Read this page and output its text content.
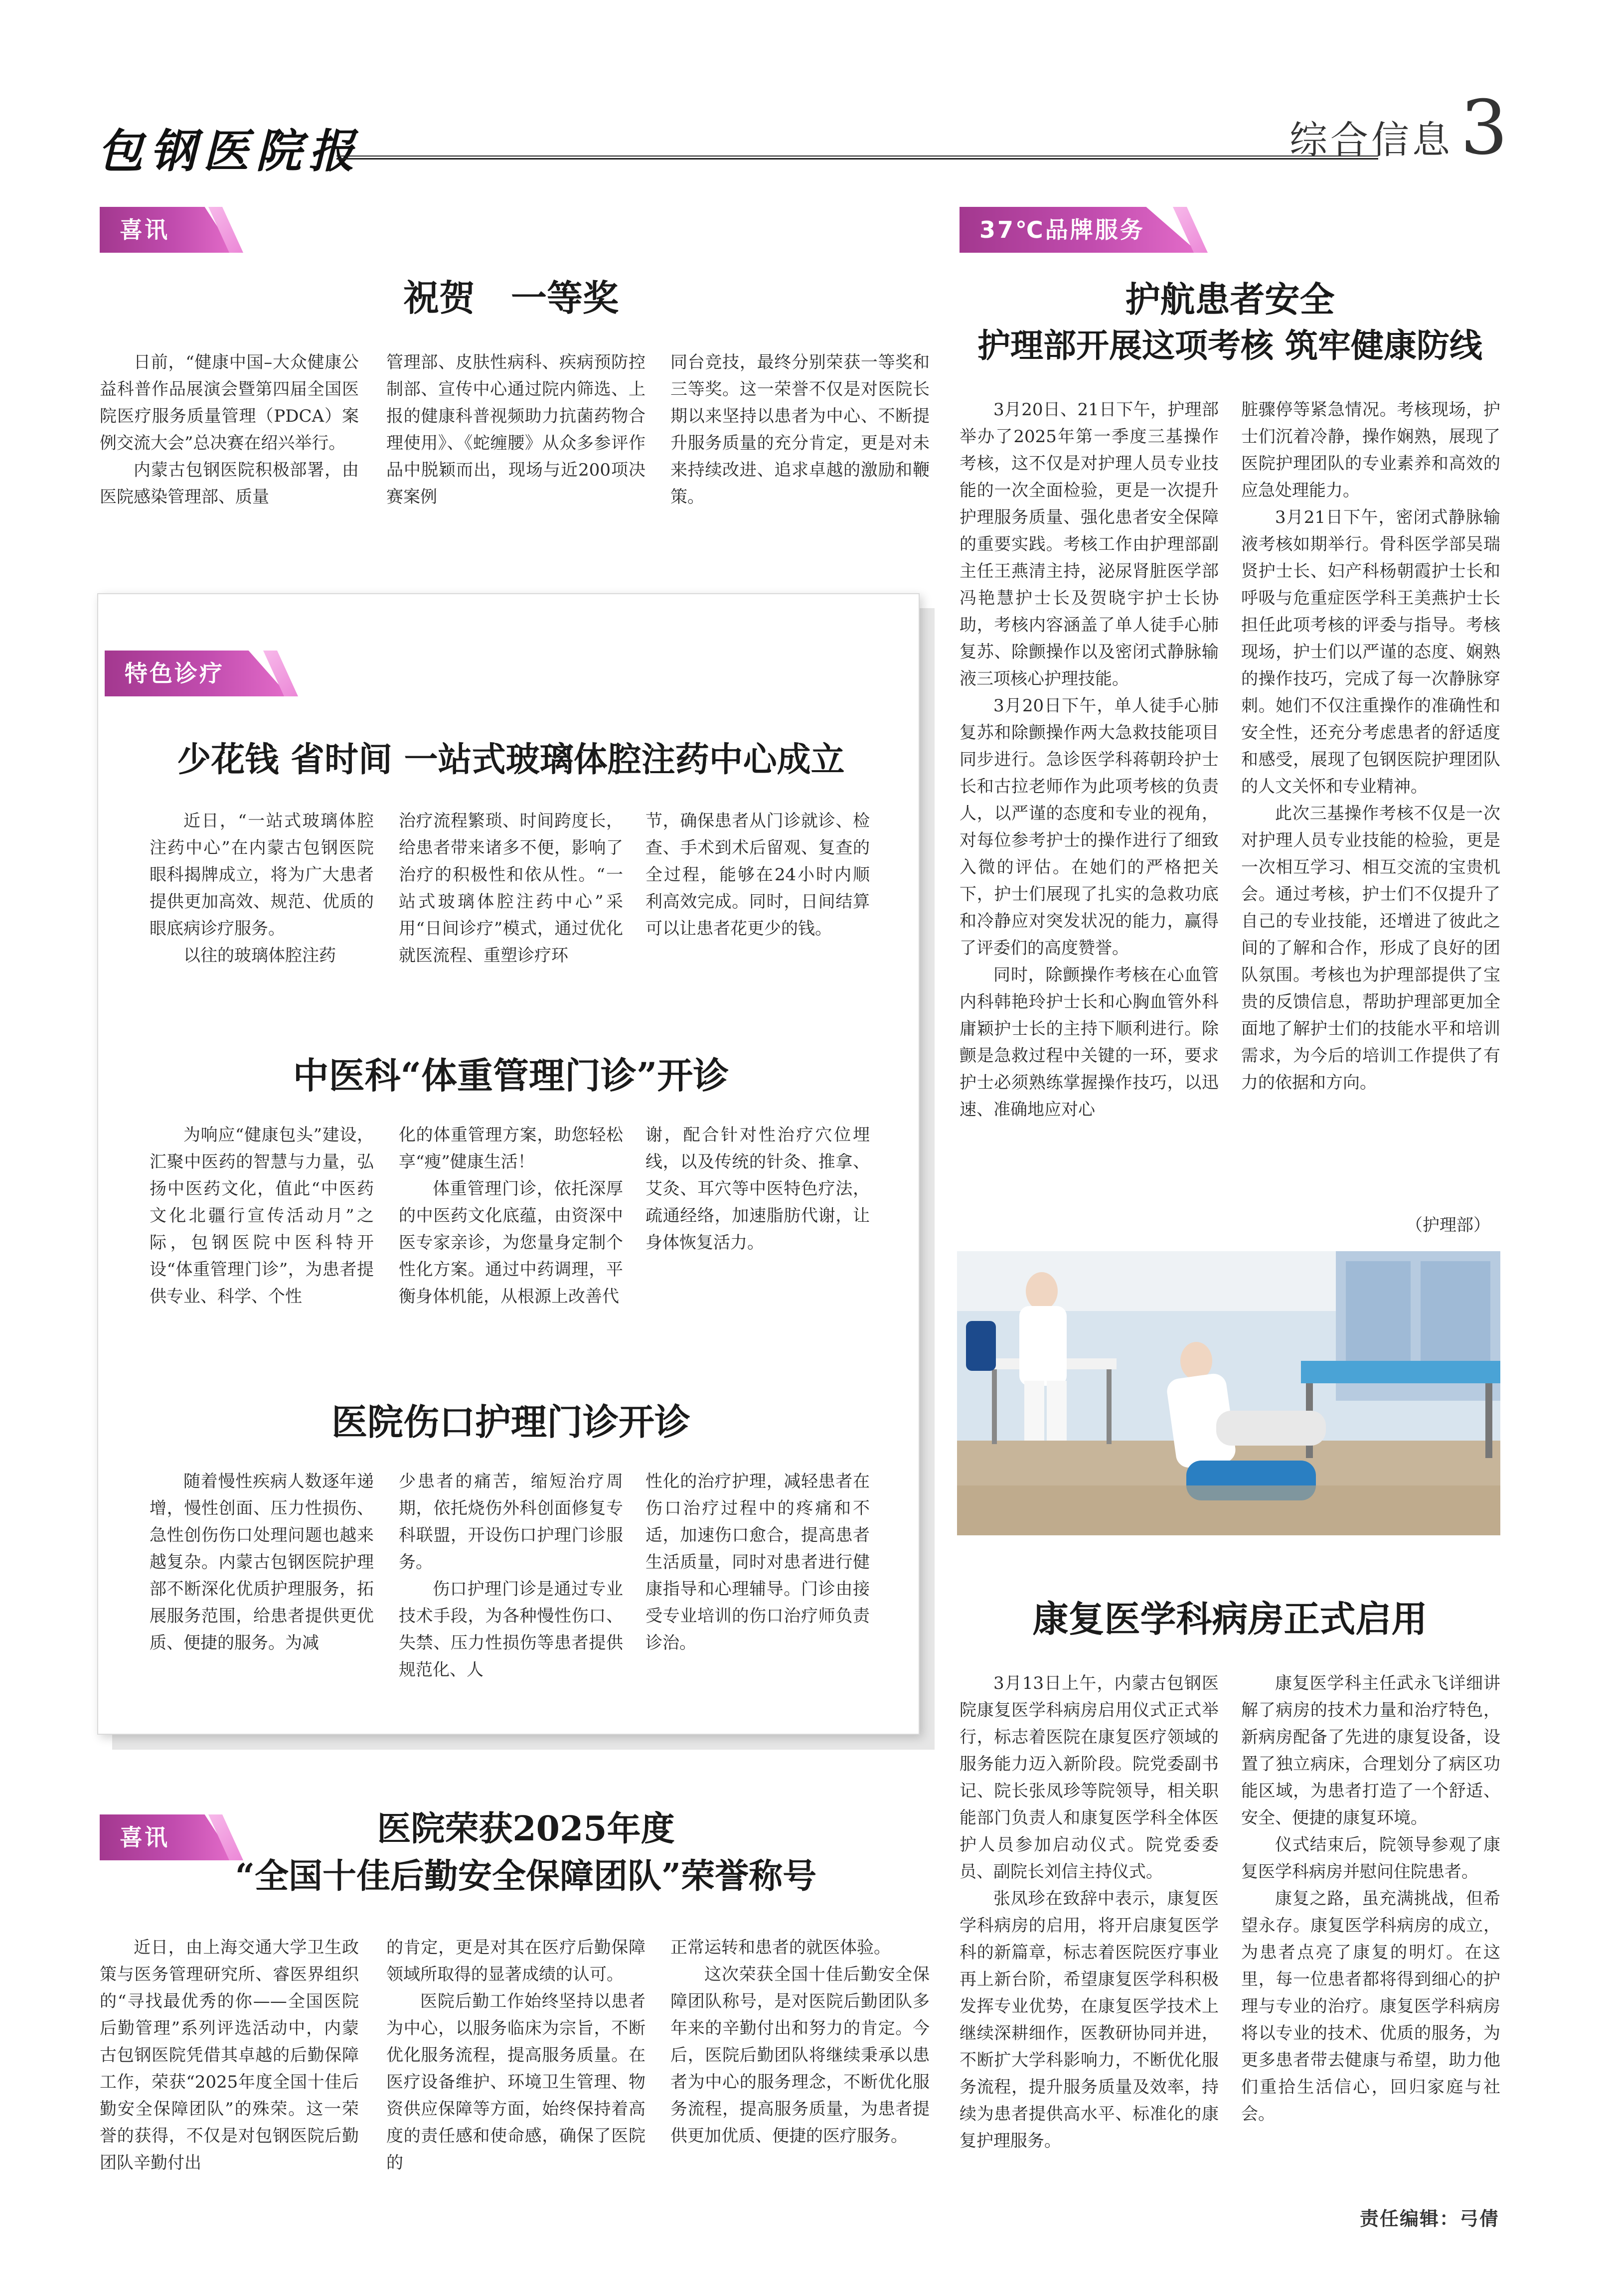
包钢医院报	综合信息 3
喜讯
祝贺　一等奖

日前，“健康中国–大众健康公益科普作品展演会暨第四届全国医院医疗服务质量管理（PDCA）案例交流大会”总决赛在绍兴举行。

内蒙古包钢医院积极部署，由医院感染管理部、质量

管理部、皮肤性病科、疾病预防控制部、宣传中心通过院内筛选、上报的健康科普视频助力抗菌药物合理使用》、《蛇缠腰》从众多参评作品中脱颖而出，现场与近200项决赛案例

同台竞技，最终分别荣获一等奖和三等奖。这一荣誉不仅是对医院长期以来坚持以患者为中心、不断提升服务质量的充分肯定，更是对未来持续改进、追求卓越的激励和鞭策。

37℃品牌服务
护航患者安全
护理部开展这项考核 筑牢健康防线

3月20日、21日下午，护理部举办了2025年第一季度三基操作考核，这不仅是对护理人员专业技能的一次全面检验，更是一次提升护理服务质量、强化患者安全保障的重要实践。考核工作由护理部副主任王燕清主持，泌尿肾脏医学部冯艳慧护士长及贺晓宇护士长协助，考核内容涵盖了单人徒手心肺复苏、除颤操作以及密闭式静脉输液三项核心护理技能。

3月20日下午，单人徒手心肺复苏和除颤操作两大急救技能项目同步进行。急诊医学科蒋朝玲护士长和古拉老师作为此项考核的负责人，以严谨的态度和专业的视角，对每位参考护士的操作进行了细致入微的评估。在她们的严格把关下，护士们展现了扎实的急救功底和冷静应对突发状况的能力，赢得了评委们的高度赞誉。

同时，除颤操作考核在心血管内科韩艳玲护士长和心胸血管外科庸颖护士长的主持下顺利进行。除颤是急救过程中关键的一环，要求护士必须熟练掌握操作技巧，以迅速、准确地应对心

脏骤停等紧急情况。考核现场，护士们沉着冷静，操作娴熟，展现了医院护理团队的专业素养和高效的应急处理能力。

3月21日下午，密闭式静脉输液考核如期举行。骨科医学部吴瑞贤护士长、妇产科杨朝霞护士长和呼吸与危重症医学科王美燕护士长担任此项考核的评委与指导。考核现场，护士们以严谨的态度、娴熟的操作技巧，完成了每一次静脉穿刺。她们不仅注重操作的准确性和安全性，还充分考虑患者的舒适度和感受，展现了包钢医院护理团队的人文关怀和专业精神。

此次三基操作考核不仅是一次对护理人员专业技能的检验，更是一次相互学习、相互交流的宝贵机会。通过考核，护士们不仅提升了自己的专业技能，还增进了彼此之间的了解和合作，形成了良好的团队氛围。考核也为护理部提供了宝贵的反馈信息，帮助护理部更加全面地了解护士们的技能水平和培训需求，为今后的培训工作提供了有力的依据和方向。

（护理部）
特色诊疗
少花钱 省时间 一站式玻璃体腔注药中心成立

近日，“一站式玻璃体腔注药中心”在内蒙古包钢医院眼科揭牌成立，将为广大患者提供更加高效、规范、优质的眼底病诊疗服务。

以往的玻璃体腔注药

治疗流程繁琐、时间跨度长，给患者带来诸多不便，影响了治疗的积极性和依从性。“一站式玻璃体腔注药中心”采用“日间诊疗”模式，通过优化就医流程、重塑诊疗环

节，确保患者从门诊就诊、检查、手术到术后留观、复查的全过程，能够在24小时内顺利高效完成。同时，日间结算可以让患者花更少的钱。

中医科“体重管理门诊”开诊

为响应“健康包头”建设，汇聚中医药的智慧与力量，弘扬中医药文化，值此“中医药文化北疆行宣传活动月”之际，包钢医院中医科特开设“体重管理门诊”，为患者提供专业、科学、个性

化的体重管理方案，助您轻松享“瘦”健康生活！

体重管理门诊，依托深厚的中医药文化底蕴，由资深中医专家亲诊，为您量身定制个性化方案。通过中药调理，平衡身体机能，从根源上改善代

谢，配合针对性治疗穴位埋线，以及传统的针灸、推拿、艾灸、耳穴等中医特色疗法，疏通经络，加速脂肪代谢，让身体恢复活力。

医院伤口护理门诊开诊

随着慢性疾病人数逐年递增，慢性创面、压力性损伤、急性创伤伤口处理问题也越来越复杂。内蒙古包钢医院护理部不断深化优质护理服务，拓展服务范围，给患者提供更优质、便捷的服务。为减

少患者的痛苦，缩短治疗周期，依托烧伤外科创面修复专科联盟，开设伤口护理门诊服务。

伤口护理门诊是通过专业技术手段，为各种慢性伤口、失禁、压力性损伤等患者提供规范化、人

性化的治疗护理，减轻患者在伤口治疗过程中的疼痛和不适，加速伤口愈合，提高患者生活质量，同时对患者进行健康指导和心理辅导。门诊由接受专业培训的伤口治疗师负责诊治。

康复医学科病房正式启用

3月13日上午，内蒙古包钢医院康复医学科病房启用仪式正式举行，标志着医院在康复医疗领域的服务能力迈入新阶段。院党委副书记、院长张凤珍等院领导，相关职能部门负责人和康复医学科全体医护人员参加启动仪式。院党委委员、副院长刘信主持仪式。

张凤珍在致辞中表示，康复医学科病房的启用，将开启康复医学科的新篇章，标志着医院医疗事业再上新台阶，希望康复医学科积极发挥专业优势，在康复医学技术上继续深耕细作，医教研协同并进，不断扩大学科影响力，不断优化服务流程，提升服务质量及效率，持续为患者提供高水平、标准化的康复护理服务。

康复医学科主任武永飞详细讲解了病房的技术力量和治疗特色，新病房配备了先进的康复设备，设置了独立病床，合理划分了病区功能区域，为患者打造了一个舒适、安全、便捷的康复环境。

仪式结束后，院领导参观了康复医学科病房并慰问住院患者。

康复之路，虽充满挑战，但希望永存。康复医学科病房的成立，为患者点亮了康复的明灯。在这里，每一位患者都将得到细心的护理与专业的治疗。康复医学科病房将以专业的技术、优质的服务，为更多患者带去健康与希望，助力他们重拾生活信心，回归家庭与社会。

喜讯	医院荣获2025年度
“全国十佳后勤安全保障团队”荣誉称号

近日，由上海交通大学卫生政策与医务管理研究所、睿医界组织的“寻找最优秀的你——全国医院后勤管理”系列评选活动中，内蒙古包钢医院凭借其卓越的后勤保障工作，荣获“2025年度全国十佳后勤安全保障团队”的殊荣。这一荣誉的获得，不仅是对包钢医院后勤团队辛勤付出

的肯定，更是对其在医疗后勤保障领域所取得的显著成绩的认可。

医院后勤工作始终坚持以患者为中心，以服务临床为宗旨，不断优化服务流程，提高服务质量。在医疗设备维护、环境卫生管理、物资供应保障等方面，始终保持着高度的责任感和使命感，确保了医院的

正常运转和患者的就医体验。

这次荣获全国十佳后勤安全保障团队称号，是对医院后勤团队多年来的辛勤付出和努力的肯定。今后，医院后勤团队将继续秉承以患者为中心的服务理念，不断优化服务流程，提高服务质量，为患者提供更加优质、便捷的医疗服务。

责任编辑：弓倩
